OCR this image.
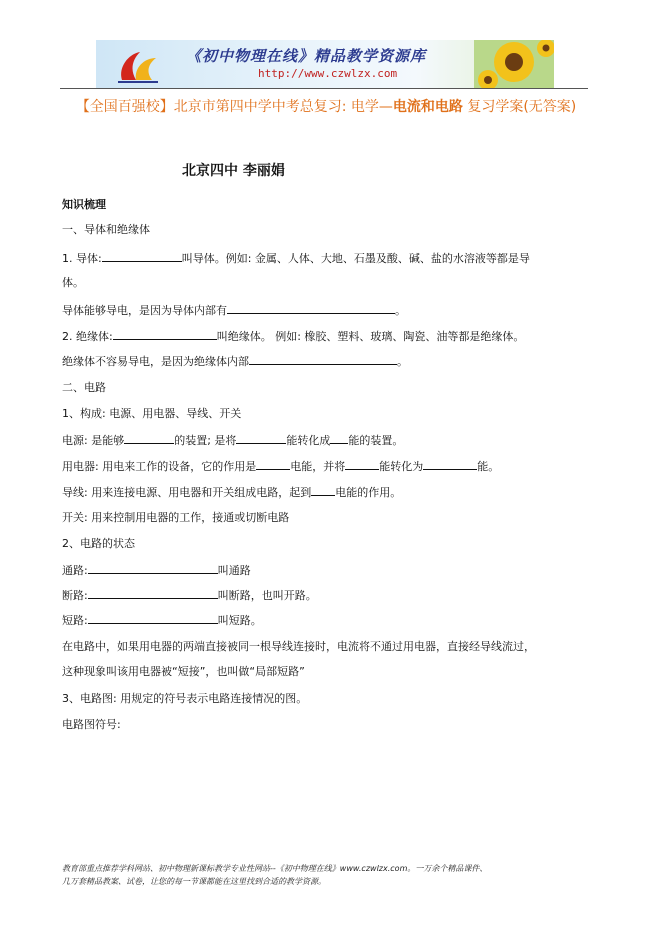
《初中物理在线》精品教学资源库
http://www.czwlzx.com
【全国百强校】北京市第四中学中考总复习: 电学—电流和电路 复习学案(无答案)
北京四中 李丽娟
知识梳理
一、导体和绝缘体
1. 导体:	叫导体。例如: 金属、人体、大地、石墨及酸、碱、盐的水溶液等都是导
体。
导体能够导电，是因为导体内部有	。
2. 绝缘体:	叫绝缘体。 例如: 橡胶、塑料、玻璃、陶瓷、油等都是绝缘体。
绝缘体不容易导电，是因为绝缘体内部	。
二、电路
1、构成: 电源、用电器、导线、开关
电源: 是能够	的装置; 是将	能转化成 能的装置。
用电器: 用电来工作的设备，它的作用是	电能，并将	能转化为	能。
导线: 用来连接电源、用电器和开关组成电路，起到 电能的作用。
开关: 用来控制用电器的工作，接通或切断电路
2、电路的状态
通路:	叫通路
断路:	叫断路，也叫开路。
短路:	叫短路。
在电路中，如果用电器的两端直接被同一根导线连接时，电流将不通过用电器，直接经导线流过，
这种现象叫该用电器被“短接”，也叫做“局部短路”
3、电路图: 用规定的符号表示电路连接情况的图。
电路图符号:
教育部重点推荐学科网站、初中物理新课标教学专业性网站--《初中物理在线》www.czwlzx.com。一万余个精品课件、
几万套精品教案、试卷，让您的每一节课都能在这里找到合适的教学资源。
